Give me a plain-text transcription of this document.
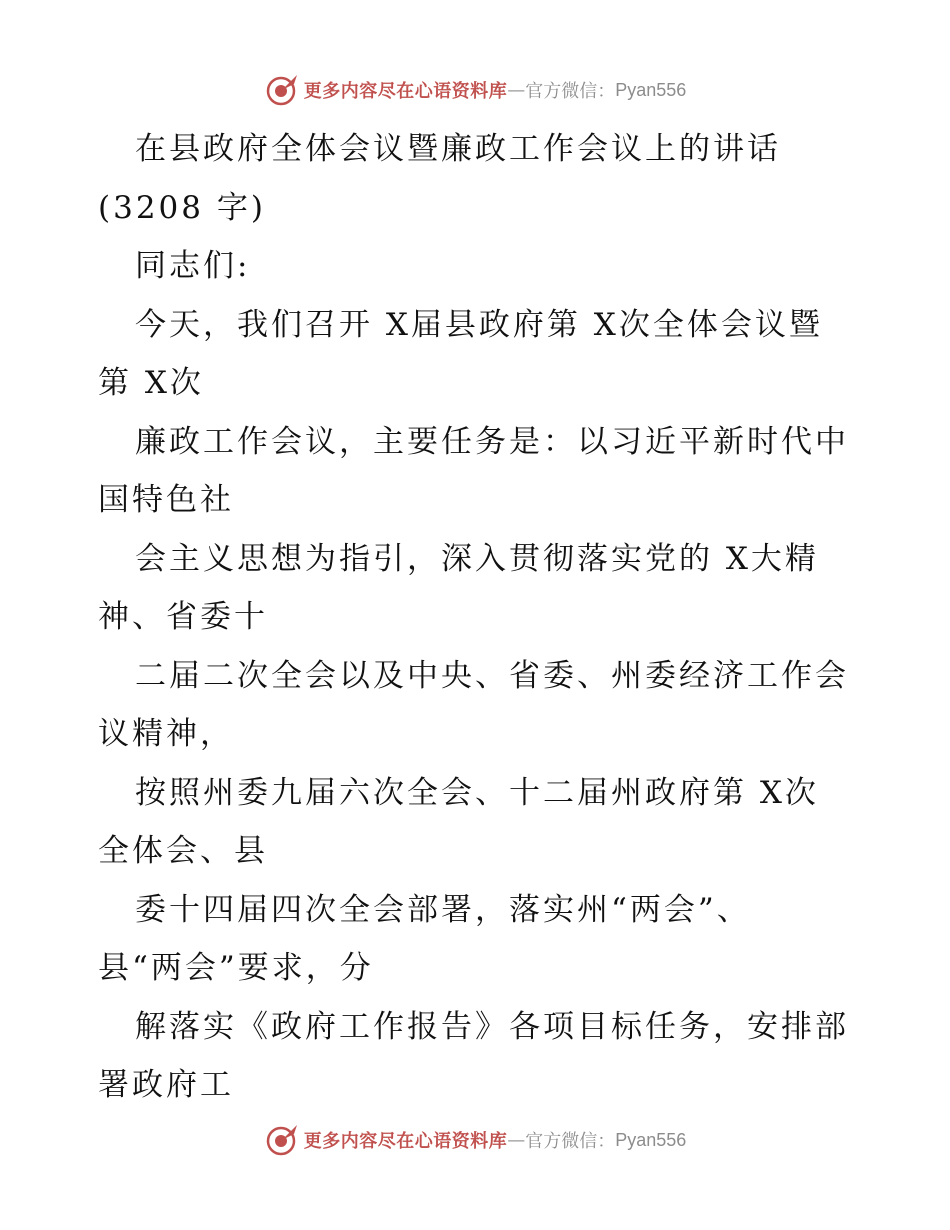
更多内容尽在心语资料库 — 官方微信： Pyan556
在县政府全体会议暨廉政工作会议上的讲话
(3208 字)
同志们:
今天，我们召开 X届县政府第 X次全体会议暨
第 X次
廉政工作会议，主要任务是：以习近平新时代中
国特色社
会主义思想为指引，深入贯彻落实党的 X大精
神、省委十
二届二次全会以及中央、省委、州委经济工作会
议精神，
按照州委九届六次全会、十二届州政府第 X次
全体会、县
委十四届四次全会部署，落实州“两会”、
县“两会”要求，分
解落实《政府工作报告》各项目标任务，安排部
署政府工
更多内容尽在心语资料库 — 官方微信： Pyan556
